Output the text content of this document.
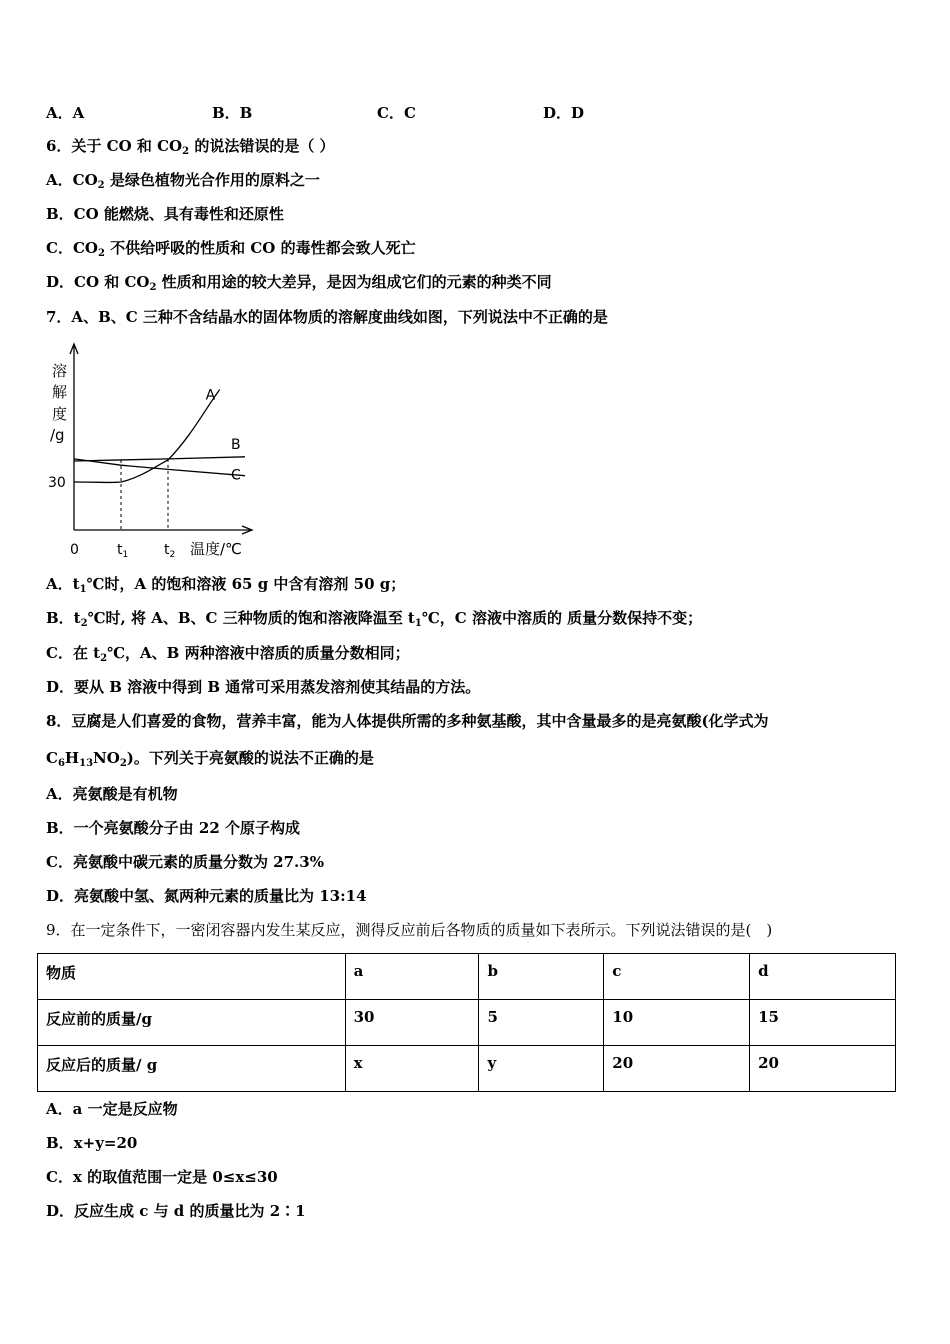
A．A	B．B	C．C	D．D
6．关于 CO 和 $CO_2$ 的说法错误的是（ ）
A．$CO_2$ 是绿色植物光合作用的原料之一
B．CO 能燃烧、具有毒性和还原性
C．$CO_2$ 不供给呼吸的性质和 CO 的毒性都会致人死亡
D．CO 和 $CO_2$ 性质和用途的较大差异，是因为组成它们的元素的种类不同
7．A、B、C 三种不含结晶水的固体物质的溶解度曲线如图，下列说法中不正确的是
溶
解
度
/g
A
B
C
30
0	$t_1$	$t_2$ 温度/℃
A．$t_1℃$时，A 的饱和溶液 65 g 中含有溶剂 50 g；
B．$t_2℃$时, 将 A、B、C 三种物质的饱和溶液降温至 $t_1℃$，C 溶液中溶质的 质量分数保持不变；
C．在 $t_2℃$，A、B 两种溶液中溶质的质量分数相同；
D．要从 B 溶液中得到 B 通常可采用蒸发溶剂使其结晶的方法。
8．豆腐是人们喜爱的食物，营养丰富，能为人体提供所需的多种氨基酸，其中含量最多的是亮氨酸(化学式为
$C_6H_{13}NO_2$)。下列关于亮氨酸的说法不正确的是
A．亮氨酸是有机物
B．一个亮氨酸分子由 22 个原子构成
C．亮氨酸中碳元素的质量分数为 27.3%
D．亮氨酸中氢、氮两种元素的质量比为 13:14
9．在一定条件下，一密闭容器内发生某反应，测得反应前后各物质的质量如下表所示。下列说法错误的是(　)
物质	a	b	c	d
反应前的质量/g	30	5	10	15
反应后的质量/ g	x	y	20	20
A．a 一定是反应物
B．x+y=20
C．x 的取值范围一定是 0≤x≤30
D．反应生成 c 与 d 的质量比为 2∶1
